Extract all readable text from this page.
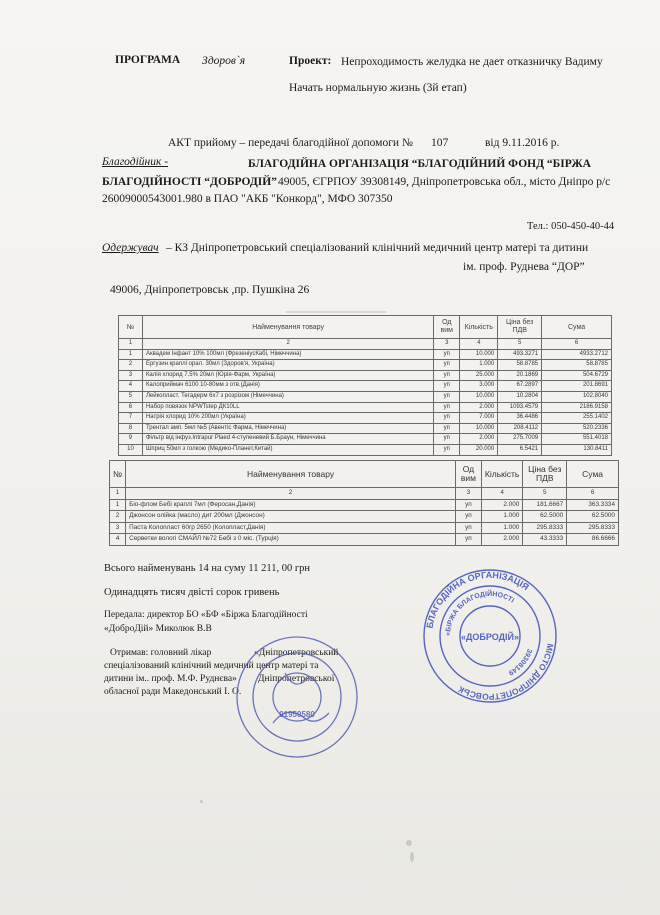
ПРОГРАМА Здоров`я	Проект: Непроходимость желудка не дает отказничку Вадиму
Начать нормальную жизнь (3й етап)
АКТ прийому – передачі благодійної допомоги № 107	від 9.11.2016 р.
Благодійник -	БЛАГОДІЙНА ОРГАНІЗАЦІЯ “БЛАГОДІЙНИЙ ФОНД “БІРЖА
БЛАГОДІЙНОСТІ “ДОБРОДІЙ” 49005, ЄГРПОУ 39308149, Дніпропетровська обл., місто Дніпро р/с
26009000543001.980 в ПАО "АКБ "Конкорд", МФО 307350
Тел.: 050-450-40-44
Одержувач – КЗ Дніпропетровський спеціалізований клінічний медичний центр матері та дитини
ім. проф. Руднева “ДОР”
49006, Дніпропетровськ ,пр. Пушкіна 26
№	Найменування товару	Од вим	Кількість	Ціна без ПДВ	Сума
1	2	3	4	5	6
1	Аквадем Інфант 10% 100мл (ФрезеніусКабі, Німеччина)	уп	10.000	493.3271	4933.2712
2	Ергузин краплі орал. 30мл (Здоров'я, Україна)	уп	1.000	58.8785	58.8785
3	Калія хлорид 7.5% 20мл (Юрія-Фарм, Україна)	уп	25.000	20.1869	504.6729
4	Калоприймач 6100 10-80мм з отв.(Данія)	уп	3.000	67.2897	201.8691
5	Лейкопласт. Тегадерм 6х7 з розрізом (Німеччина)	уп	10.000	10.2804	102.8040
6	Набор повязок NPWTstep ДК10LL	уп	2.000	1093.4579	2186.9158
7	Натрія хлорид 10% 200мл (Україна)	уп	7.000	36.4486	255.1402
8	Трентал амп. 5мл №5 (Авентіс Фарма, Німеччина)	уп	10.000	208.4112	520.2336
9	Фільтр від інфуз.Intrapur Plaed 4-ступеневий Б.Браун, Німеччина	уп	2.000	275.7009	551.4018
10	Шприц 50мл з голкою (Медико-Планет,Китай)	уп	20.000	6.5421	130.8411
№	Найменування товару	Од вим	Кількість	Ціна без ПДВ	Сума
1	2	3	4	5	6
1	Біо-флом Бебі краплі 7мл (Феросан,Данія)	уп	2.000	181.6667	363.3334
2	Джонсон олійка (масло) дит 200мл (Джонсон)	уп	1.000	62.5000	62.5000
3	Паста Колопласт 60гр 2650 (Колопласт,Данія)	уп	1.000	295.8333	295.8333
4	Серветки вологі СМАЙЛ №72 Бебі з 0 міс. (Турція)	уп	2.000	43.3333	86.6666
Всього найменувань 14 на суму 11 211, 00 грн
Одинадцять тисяч двісті сорок гривень
Передала: директор БО «БФ «Біржа Благодійності
«ДоброДій» Миколюк В.В
Отримав: головний лікар	«Дніпропетровський
спеціалізований клінічний медичний центр матері та
дитини ім.. проф. М.Ф. Руднєва» Дніпропетровської
обласної ради Македонський І. О.
БЛАГОДІЙНА ОРГАНІЗАЦІЯ
МІСТО ДНІПРОПЕТРОВСЬК
«БІРЖА БЛАГОДІЙНОСТІ
39308149
«ДОБРОДІЙ»
01950580
